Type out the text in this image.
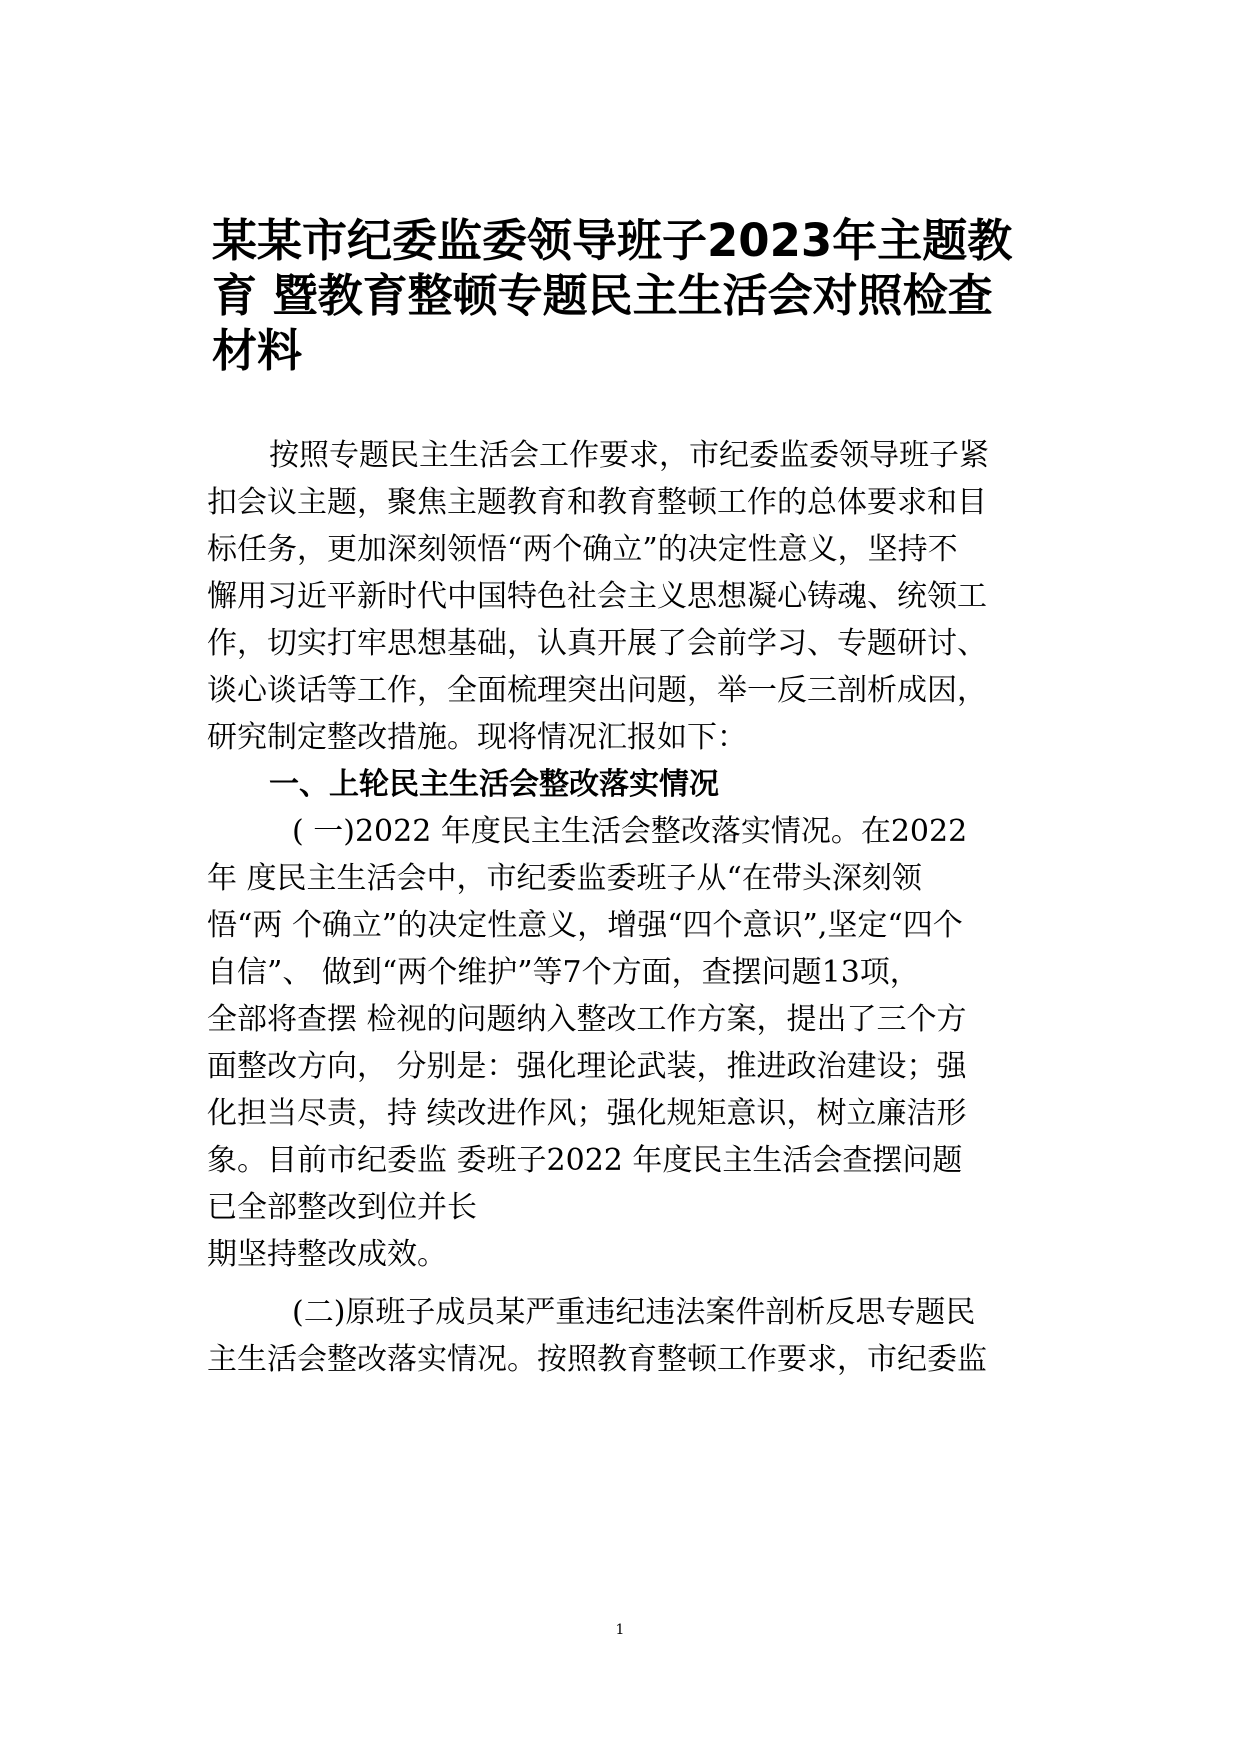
某某市纪委监委领导班子2023年主题教
育 暨教育整顿专题民主生活会对照检查
材料
按照专题民主生活会工作要求，市纪委监委领导班子紧
扣会议主题，聚焦主题教育和教育整顿工作的总体要求和目
标任务，更加深刻领悟“两个确立”的决定性意义，坚持不
懈用习近平新时代中国特色社会主义思想凝心铸魂、统领工
作，切实打牢思想基础，认真开展了会前学习、专题研讨、
谈心谈话等工作，全面梳理突出问题，举一反三剖析成因，
研究制定整改措施。现将情况汇报如下：
一、上轮民主生活会整改落实情况
( 一)2022 年度民主生活会整改落实情况。在2022
年 度民主生活会中，市纪委监委班子从“在带头深刻领
悟“两 个确立”的决定性意义，增强“四个意识”,坚定“四个
自信”、 做到“两个维护”等7个方面，查摆问题13项，
全部将查摆 检视的问题纳入整改工作方案，提出了三个方
面整改方向， 分别是：强化理论武装，推进政治建设；强
化担当尽责，持 续改进作风；强化规矩意识，树立廉洁形
象。目前市纪委监 委班子2022 年度民主生活会查摆问题
已全部整改到位并长
期坚持整改成效。
(二)原班子成员某严重违纪违法案件剖析反思专题民
主生活会整改落实情况。按照教育整顿工作要求，市纪委监
1
